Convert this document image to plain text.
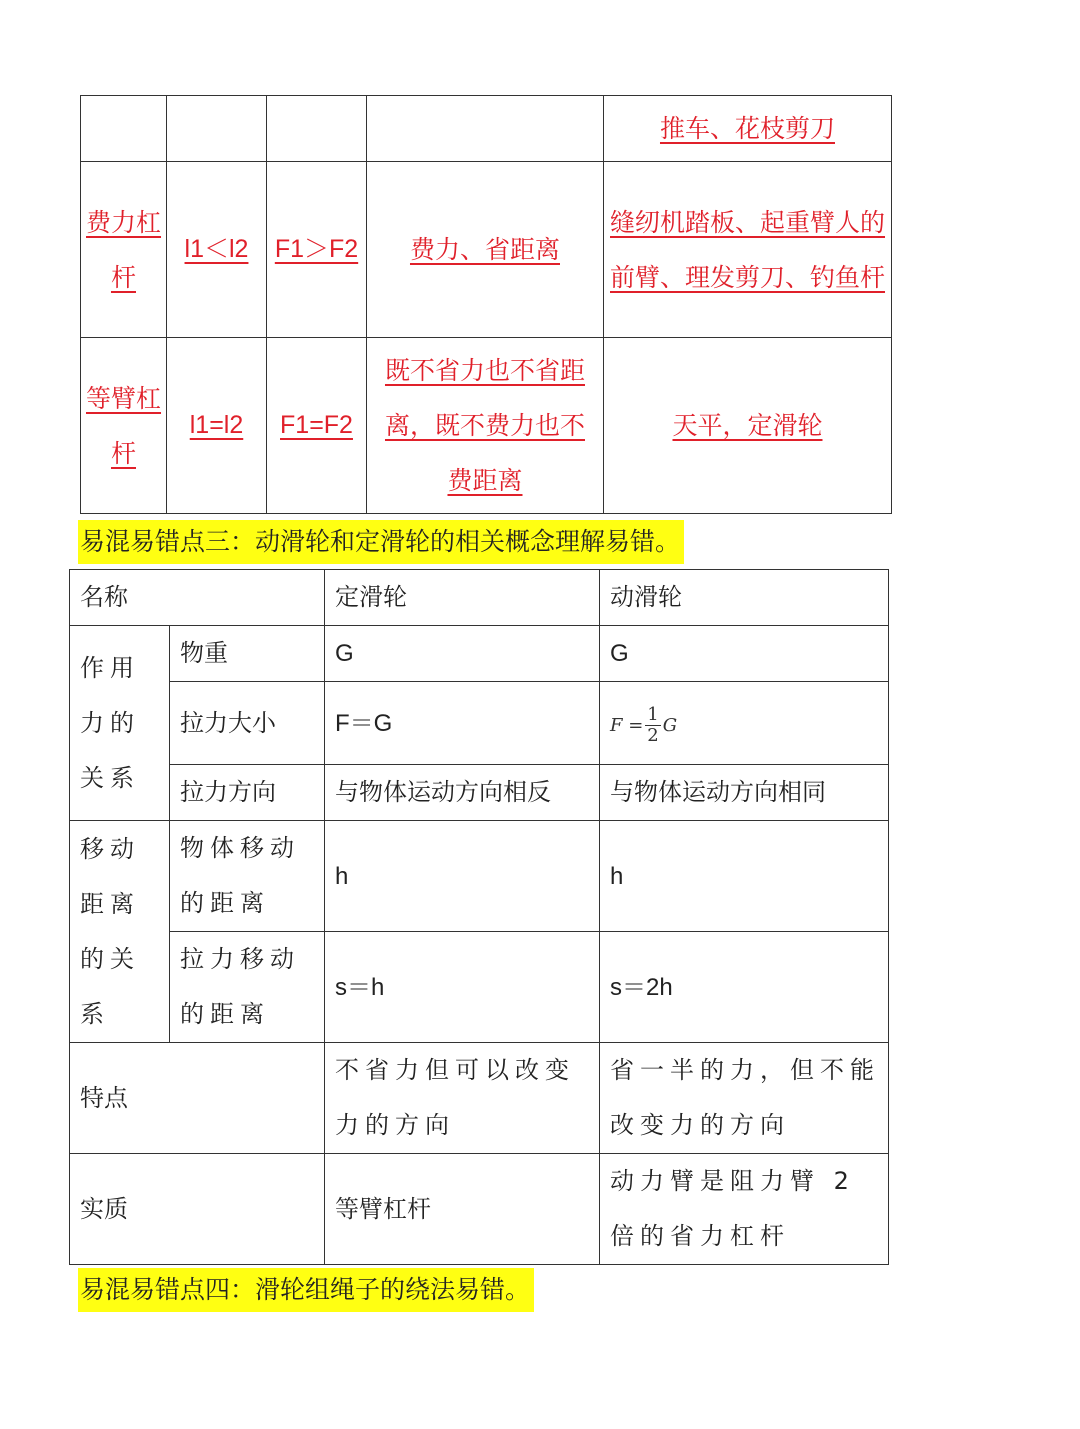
				推车、花枝剪刀
费力杠杆	l1＜l2	F1＞F2	费力、省距离	缝纫机踏板、起重臂人的前臂、理发剪刀、钓鱼杆
等臂杠杆	l1=l2	F1=F2	既不省力也不省距离，既不费力也不费距离	天平，定滑轮
易混易错点三：动滑轮和定滑轮的相关概念理解易错。
名称		定滑轮	动滑轮
作用力的关系	物重	G	G
	拉力大小	F＝G	$F = \frac{1}{2}$ G

	拉力方向	与物体运动方向相反	与物体运动方向相同
移动距离的关系	物体移动的距离	h	h
	拉力移动的距离	s＝h	s＝2h
特点		不省力但可以改变力的方向	省一半的力，但不能改变力的方向
实质		等臂杠杆	动力臂是阻力臂 2 倍的省力杠杆
易混易错点四：滑轮组绳子的绕法易错。
